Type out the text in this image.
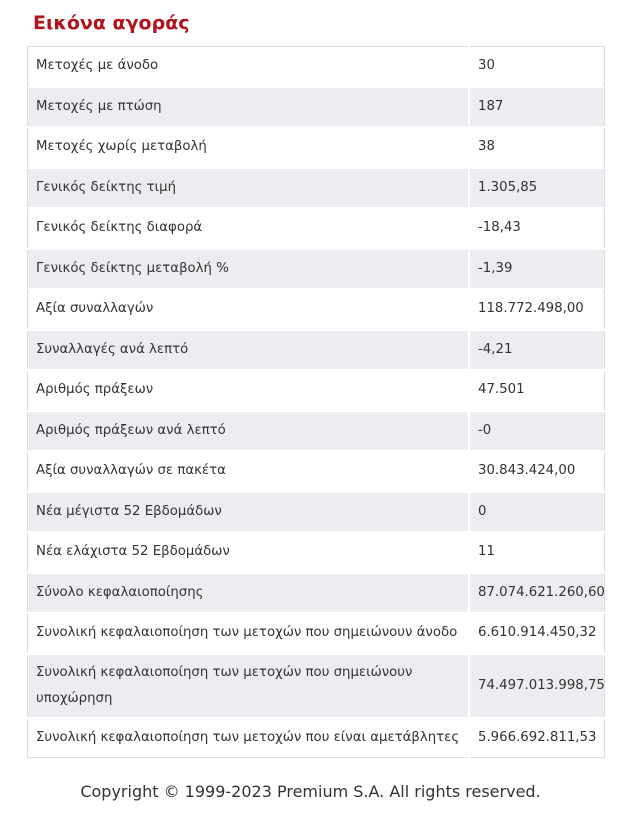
Εικόνα αγοράς
Μετοχές με άνοδο	30
Μετοχές με πτώση	187
Μετοχές χωρίς μεταβολή	38
Γενικός δείκτης τιμή	1.305,85
Γενικός δείκτης διαφορά	-18,43
Γενικός δείκτης μεταβολή %	-1,39
Αξία συναλλαγών	118.772.498,00
Συναλλαγές ανά λεπτό	-4,21
Αριθμός πράξεων	47.501
Αριθμός πράξεων ανά λεπτό	-0
Αξία συναλλαγών σε πακέτα	30.843.424,00
Νέα μέγιστα 52 Εβδομάδων	0
Νέα ελάχιστα 52 Εβδομάδων	11
Σύνολο κεφαλαιοποίησης	87.074.621.260,60
Συνολική κεφαλαιοποίηση των μετοχών που σημειώνουν άνοδο	6.610.914.450,32
Συνολική κεφαλαιοποίηση των μετοχών που σημειώνουν υποχώρηση	74.497.013.998,75
Συνολική κεφαλαιοποίηση των μετοχών που είναι αμετάβλητες	5.966.692.811,53
Copyright © 1999-2023 Premium S.A. All rights reserved.
